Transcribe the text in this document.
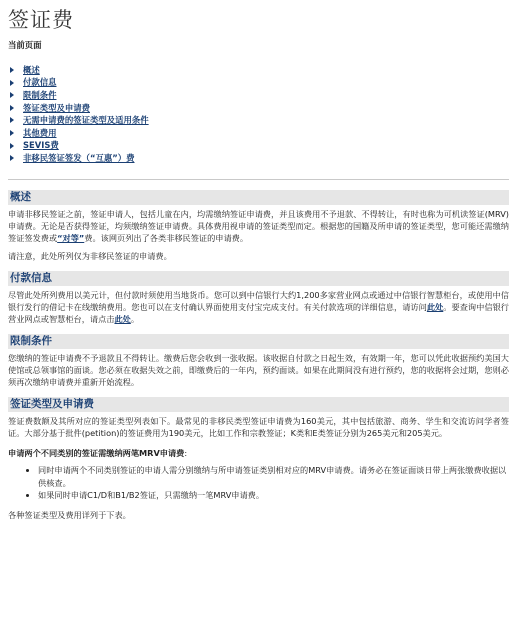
签证费
当前页面
概述
付款信息
限制条件
签证类型及申请费
无需申请费的签证类型及适用条件
其他费用
SEVIS费
非移民签证签发（“互惠”）费
概述

申请非移民签证之前，签证申请人，包括儿童在内，均需缴纳签证申请费，并且该费用不予退款、不得转让，有时也称为可机读签证(MRV)申请费。无论是否获得签证，均须缴纳签证申请费。具体费用视申请的签证类型而定。根据您的国籍及所申请的签证类型，您可能还需缴纳签证签发费或“对等”费。该网页列出了各类非移民签证的申请费。

请注意，此处所列仅为非移民签证的申请费。

付款信息

尽管此处所列费用以美元计，但付款时须使用当地货币。您可以到中信银行大约1,200多家营业网点或通过中信银行智慧柜台，或使用中信银行发行的借记卡在线缴纳费用。您也可以在支付确认界面使用支付宝完成支付。有关付款选项的详细信息，请访问此处。要查询中信银行营业网点或智慧柜台，请点击此处。

限制条件

您缴纳的签证申请费不予退款且不得转让。缴费后您会收到一张收据。该收据自付款之日起生效，有效期一年，您可以凭此收据预约美国大使馆或总领事馆的面谈。您必须在收据失效之前，即缴费后的一年内，预约面谈。如果在此期间没有进行预约，您的收据将会过期，您则必须再次缴纳申请费并重新开始流程。

签证类型及申请费

签证费数额及其所对应的签证类型列表如下。最常见的非移民类型签证申请费为160美元，其中包括旅游、商务、学生和交流访问学者签证。大部分基于批件(petition)的签证费用为190美元，比如工作和宗教签证；K类和E类签证分别为265美元和205美元。

申请两个不同类别的签证需缴纳两笔MRV申请费:
• 同时申请两个不同类别签证的申请人需分别缴纳与所申请签证类别相对应的MRV申请费。请务必在签证面谈日带上两张缴费收据以供核查。
• 如果同时申请C1/D和B1/B2签证，只需缴纳一笔MRV申请费。

各种签证类型及费用详列于下表。
